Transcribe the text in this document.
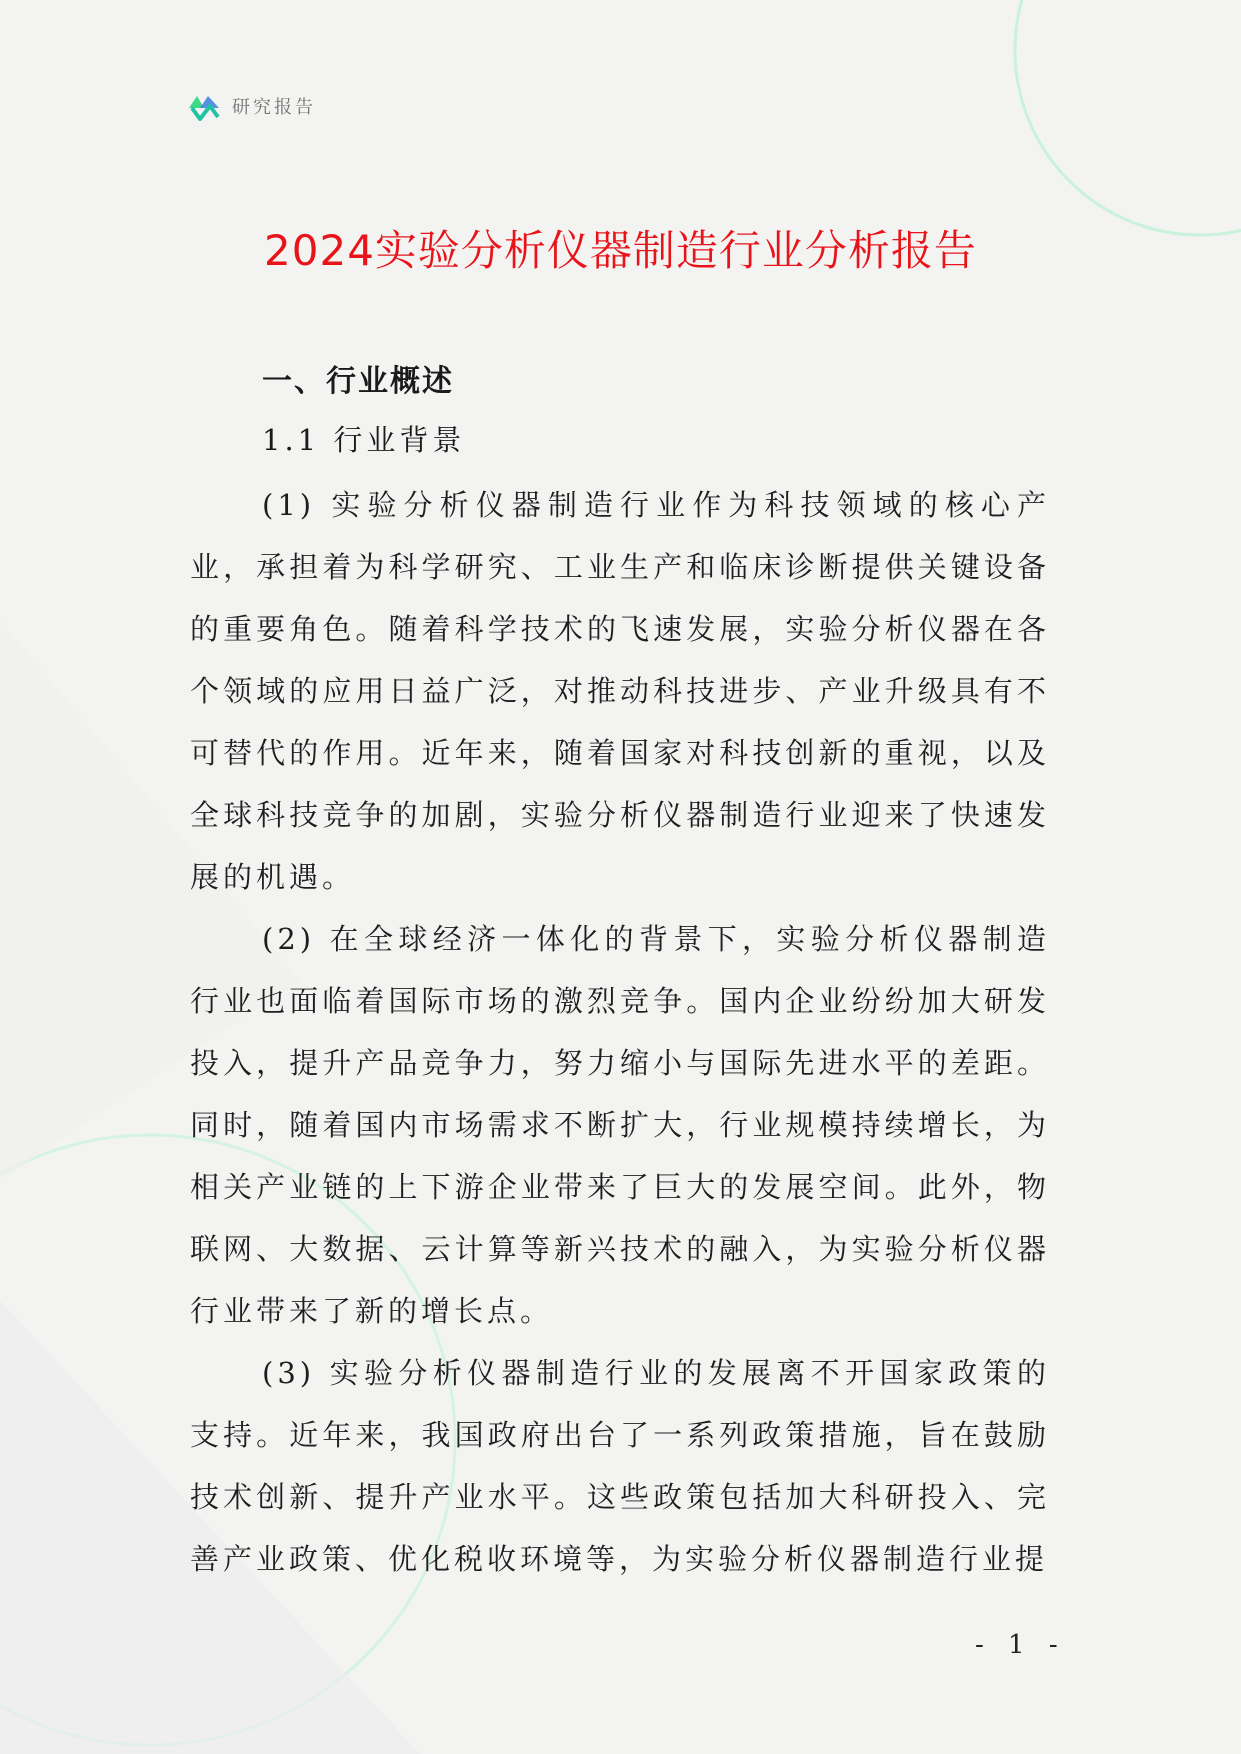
研究报告
2024实验分析仪器制造行业分析报告
一、行业概述
1.1 行业背景

(1) 实验分析仪器制造行业作为科技领域的核心产业，承担着为科学研究、工业生产和临床诊断提供关键设备的重要角色。随着科学技术的飞速发展，实验分析仪器在各个领域的应用日益广泛，对推动科技进步、产业升级具有不可替代的作用。近年来，随着国家对科技创新的重视，以及全球科技竞争的加剧，实验分析仪器制造行业迎来了快速发展的机遇。

(2) 在全球经济一体化的背景下，实验分析仪器制造行业也面临着国际市场的激烈竞争。国内企业纷纷加大研发投入，提升产品竞争力，努力缩小与国际先进水平的差距。同时，随着国内市场需求不断扩大，行业规模持续增长，为相关产业链的上下游企业带来了巨大的发展空间。此外，物联网、大数据、云计算等新兴技术的融入，为实验分析仪器行业带来了新的增长点。

(3) 实验分析仪器制造行业的发展离不开国家政策的支持。近年来，我国政府出台了一系列政策措施，旨在鼓励技术创新、提升产业水平。这些政策包括加大科研投入、完善产业政策、优化税收环境等，为实验分析仪器制造行业提

- 1 -
